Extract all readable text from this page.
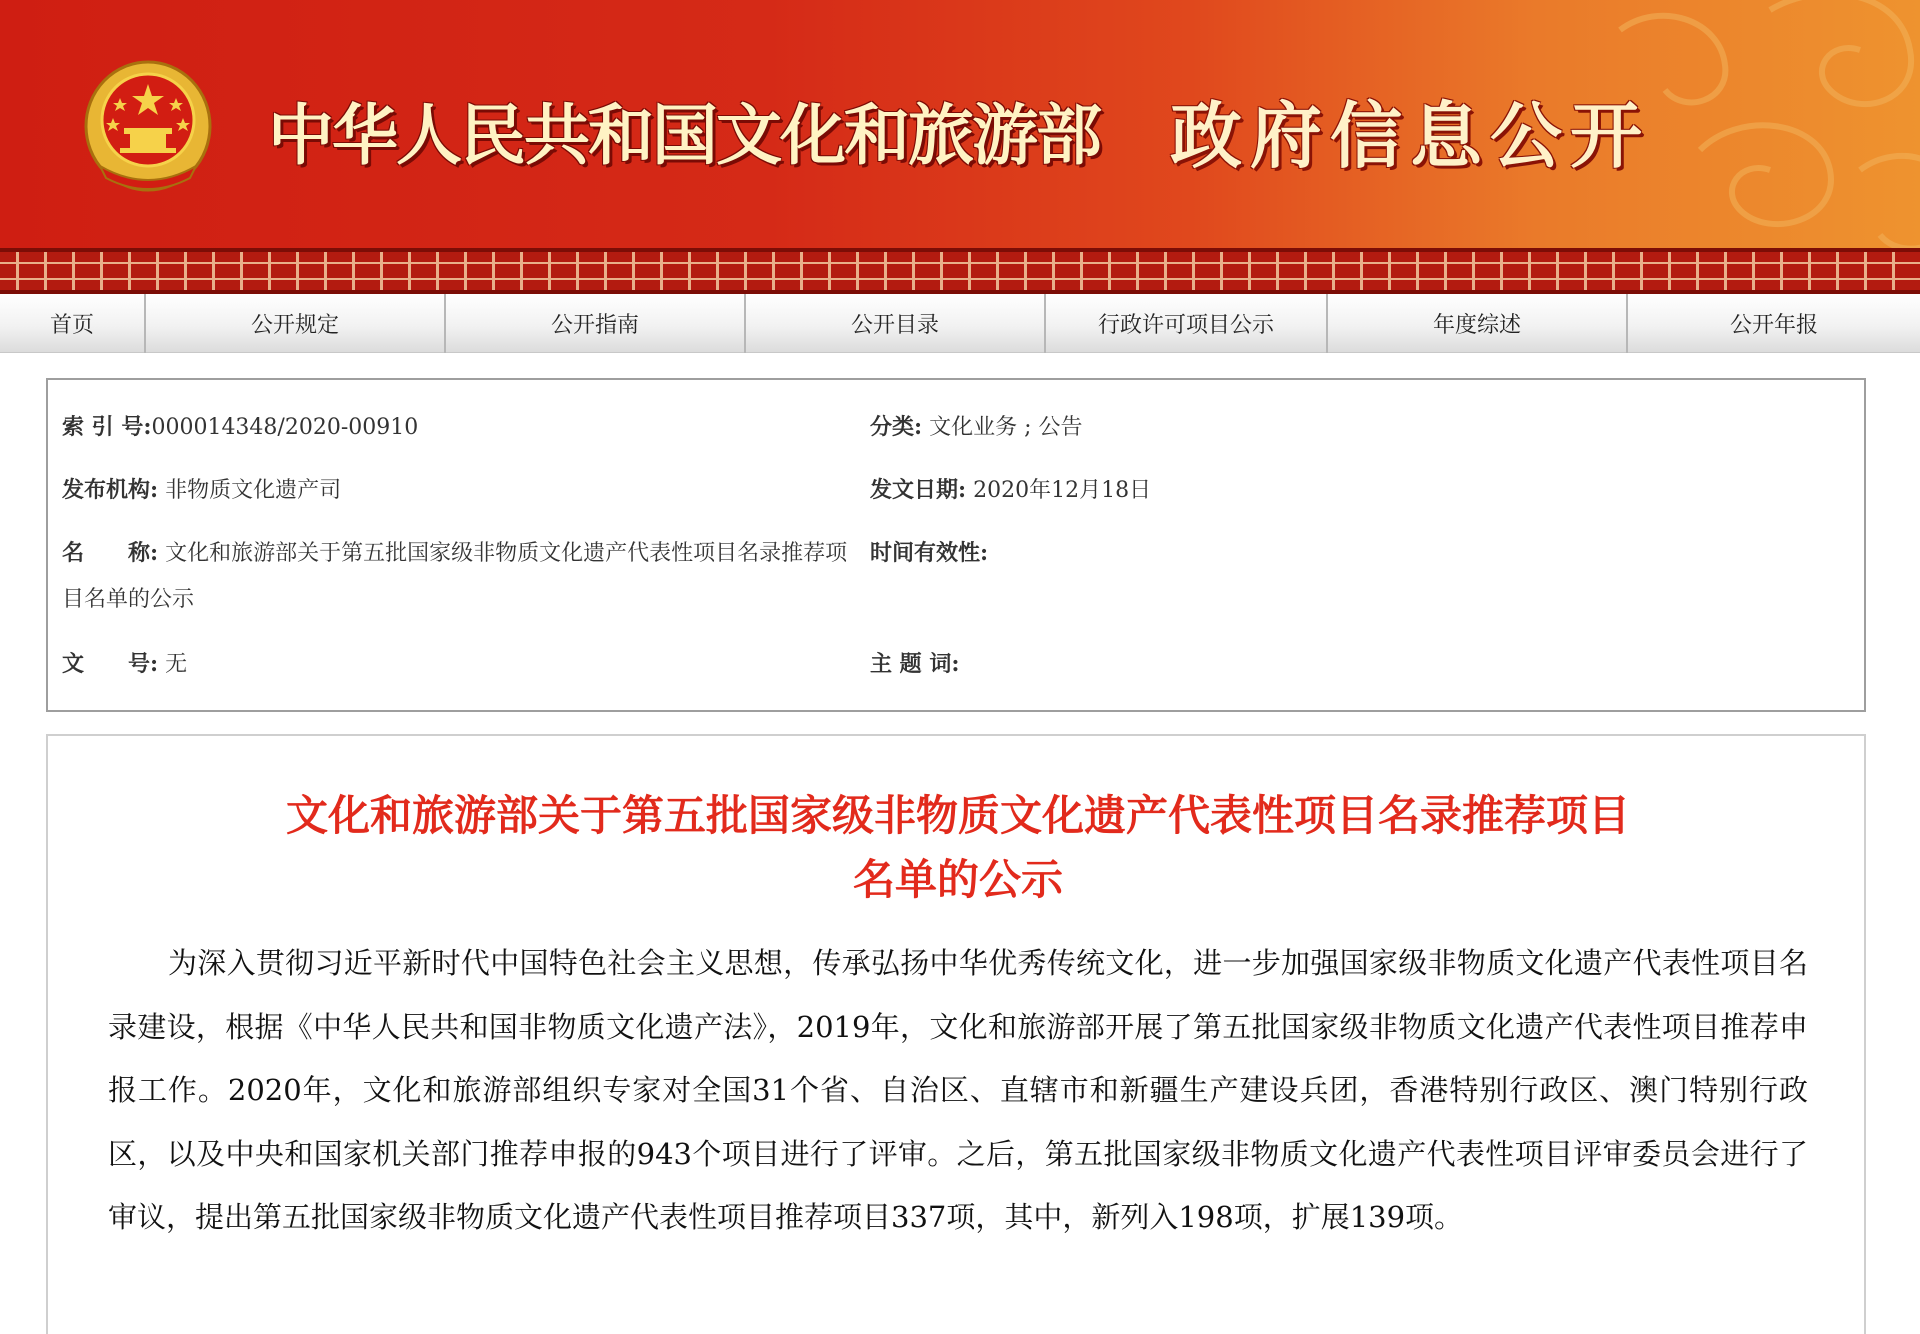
中华人民共和国文化和旅游部 政府信息公开
首页	公开规定	公开指南	公开目录	行政许可项目公示	年度综述	公开年报
索 引 号:000014348/2020-00910	分类: 文化业务 ; 公告
发布机构: 非物质文化遗产司	发文日期: 2020年12月18日
名　　称: 文化和旅游部关于第五批国家级非物质文化遗产代表性项目名录推荐项目名单的公示
时间有效性:
文　　号: 无	主 题 词:
文化和旅游部关于第五批国家级非物质文化遗产代表性项目名录推荐项目名单的公示

为深入贯彻习近平新时代中国特色社会主义思想，传承弘扬中华优秀传统文化，进一步加强国家级非物质文化遗产代表性项目名录建设，根据《中华人民共和国非物质文化遗产法》，2019年，文化和旅游部开展了第五批国家级非物质文化遗产代表性项目推荐申报工作。2020年，文化和旅游部组织专家对全国31个省、自治区、直辖市和新疆生产建设兵团，香港特别行政区、澳门特别行政区，以及中央和国家机关部门推荐申报的943个项目进行了评审。之后，第五批国家级非物质文化遗产代表性项目评审委员会进行了审议，提出第五批国家级非物质文化遗产代表性项目推荐项目337项，其中，新列入198项，扩展139项。
